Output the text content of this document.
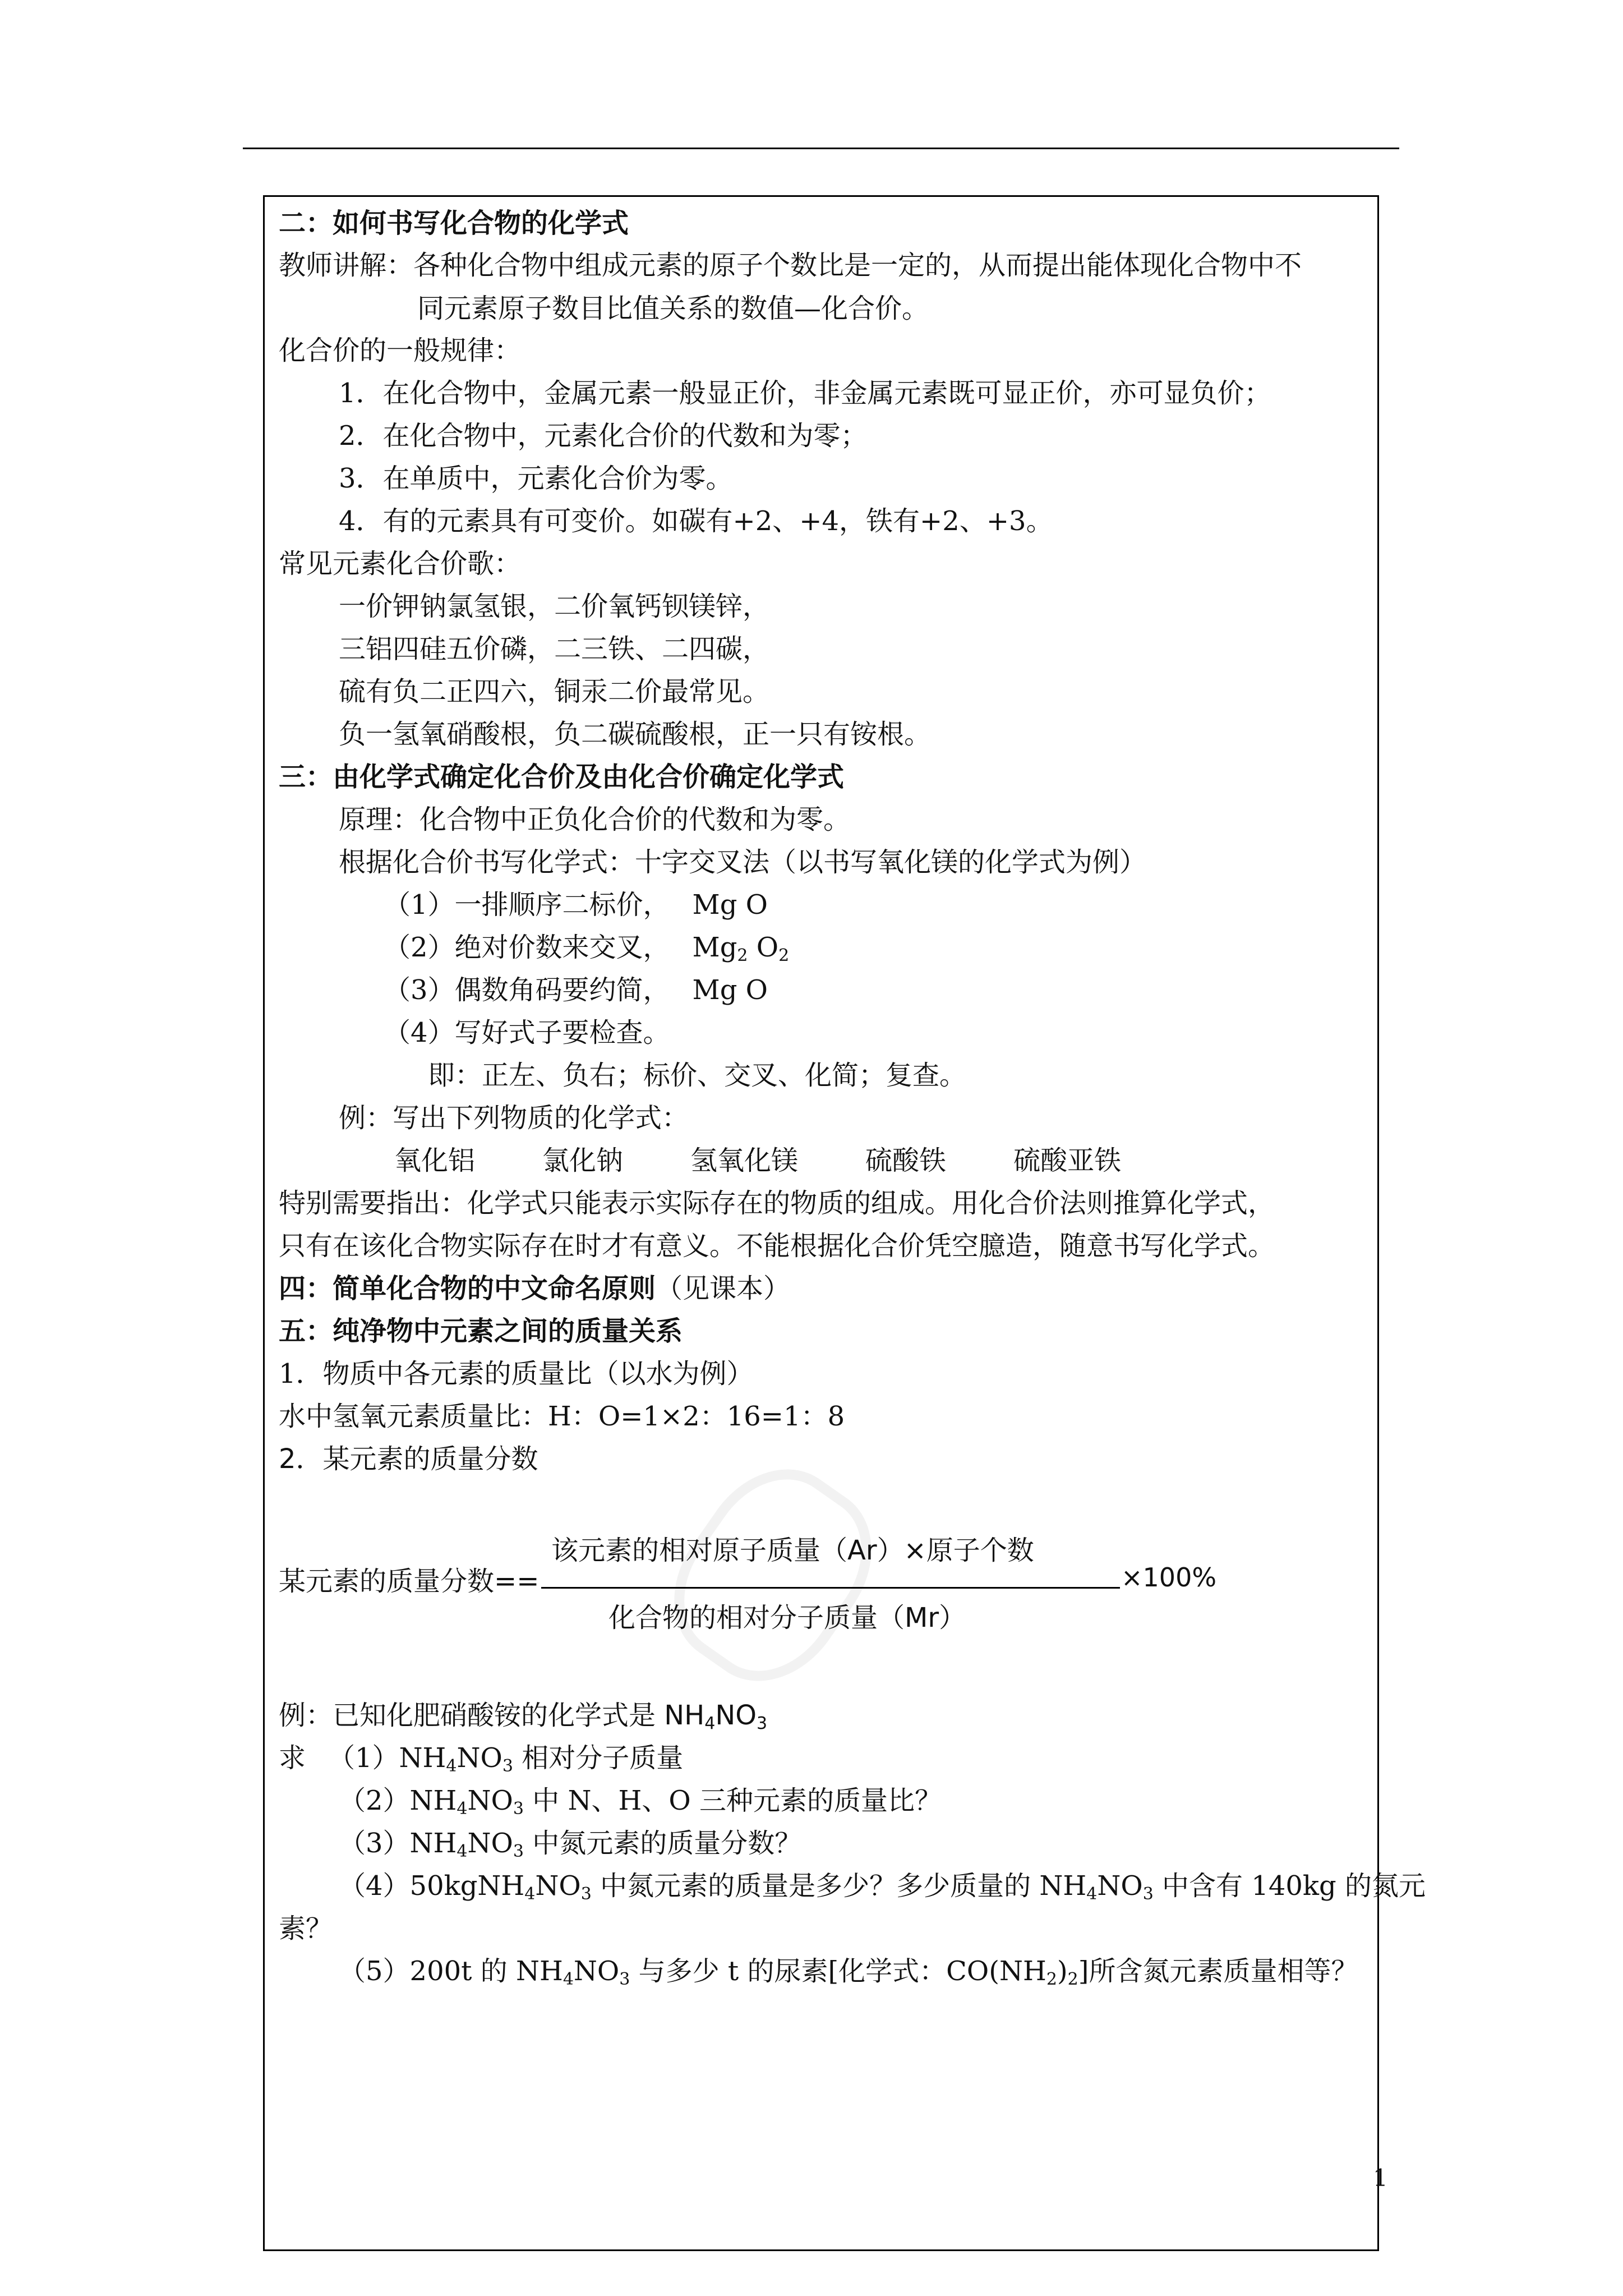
二：如何书写化合物的化学式
教师讲解：各种化合物中组成元素的原子个数比是一定的，从而提出能体现化合物中不
同元素原子数目比值关系的数值—化合价。
化合价的一般规律：
1．在化合物中，金属元素一般显正价，非金属元素既可显正价，亦可显负价；
2．在化合物中，元素化合价的代数和为零；
3．在单质中，元素化合价为零。
4．有的元素具有可变价。如碳有+2、+4，铁有+2、+3。
常见元素化合价歌：
一价钾钠氯氢银，二价氧钙钡镁锌，
三铝四硅五价磷，二三铁、二四碳，
硫有负二正四六，铜汞二价最常见。
负一氢氧硝酸根，负二碳硫酸根，正一只有铵根。
三：由化学式确定化合价及由化合价确定化学式
原理：化合物中正负化合价的代数和为零。
根据化合价书写化学式：十字交叉法（以书写氧化镁的化学式为例）
（1）一排顺序二标价， Mg O
（2）绝对价数来交叉， $Mg_2$ $O_2$
（3）偶数角码要约简， Mg O
（4）写好式子要检查。
即：正左、负右；标价、交叉、化简；复查。
例：写出下列物质的化学式：
氧化铝	氯化钠	氢氧化镁	硫酸铁	硫酸亚铁
特别需要指出：化学式只能表示实际存在的物质的组成。用化合价法则推算化学式，
只有在该化合物实际存在时才有意义。不能根据化合价凭空臆造，随意书写化学式。
四：简单化合物的中文命名原则（见课本）
五：纯净物中元素之间的质量关系
1．物质中各元素的质量比（以水为例）
水中氢氧元素质量比：H：O=1×2：16=1：8
2．某元素的质量分数
该元素的相对原子质量（Ar）×原子个数
某元素的质量分数==
化合物的相对分子质量（Mr）
×100%
例：已知化肥硝酸铵的化学式是 $NH_4NO_3$
求 $(1)NH_4NO_3$ 相对分子质量
$(2)NH_4NO_3$ 中 N、H、O 三种元素的质量比？
$(3)NH_4NO_3$ 中氮元素的质量分数？
$(4)50kgNH_4NO_3$ 中氮元素的质量是多少？多少质量的 $NH_4NO_3$ 中含有 140kg 的氮元
素？
（5）200t 的 $NH_4NO_3$ 与多少 t 的尿素[化学式：$CO(NH_2)_2$]所含氮元素质量相等？
1
